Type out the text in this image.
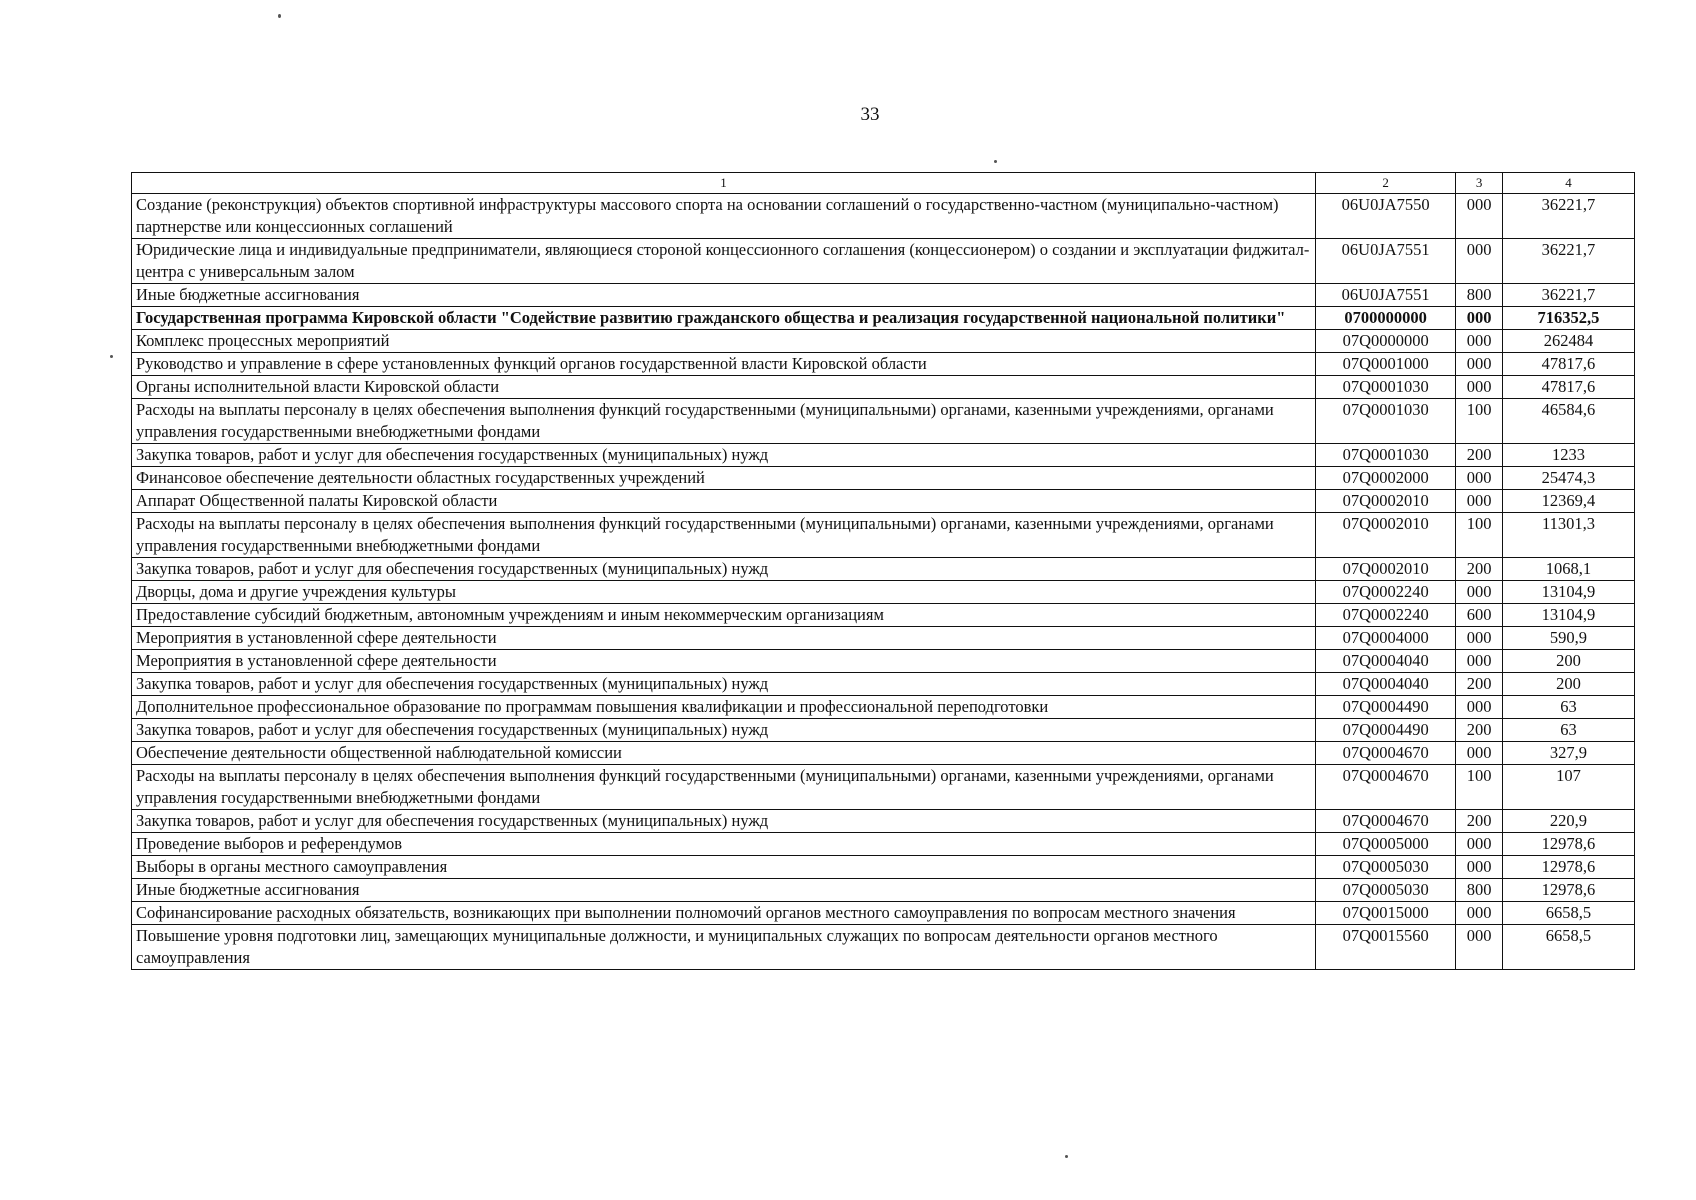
33
1	2	3	4
Создание (реконструкция) объектов спортивной инфраструктуры массового спорта на основании соглашений о государственно-частном (муниципально-частном) партнерстве или концессионных соглашений	06U0JA7550	000	36221,7
Юридические лица и индивидуальные предприниматели, являющиеся стороной концессионного соглашения (концессионером) о создании и эксплуатации фиджитал-центра с универсальным залом	06U0JA7551	000	36221,7
Иные бюджетные ассигнования	06U0JA7551	800	36221,7
Государственная программа Кировской области "Содействие развитию гражданского общества и реализация государственной национальной политики"	0700000000	000	716352,5
Комплекс процессных мероприятий	07Q0000000	000	262484
Руководство и управление в сфере установленных функций органов государственной власти Кировской области	07Q0001000	000	47817,6
Органы исполнительной власти Кировской области	07Q0001030	000	47817,6
Расходы на выплаты персоналу в целях обеспечения выполнения функций государственными (муниципальными) органами, казенными учреждениями, органами управления государственными внебюджетными фондами	07Q0001030	100	46584,6
Закупка товаров, работ и услуг для обеспечения государственных (муниципальных) нужд	07Q0001030	200	1233
Финансовое обеспечение деятельности областных государственных учреждений	07Q0002000	000	25474,3
Аппарат Общественной палаты Кировской области	07Q0002010	000	12369,4
Расходы на выплаты персоналу в целях обеспечения выполнения функций государственными (муниципальными) органами, казенными учреждениями, органами управления государственными внебюджетными фондами	07Q0002010	100	11301,3
Закупка товаров, работ и услуг для обеспечения государственных (муниципальных) нужд	07Q0002010	200	1068,1
Дворцы, дома и другие учреждения культуры	07Q0002240	000	13104,9
Предоставление субсидий бюджетным, автономным учреждениям и иным некоммерческим организациям	07Q0002240	600	13104,9
Мероприятия в установленной сфере деятельности	07Q0004000	000	590,9
Мероприятия в установленной сфере деятельности	07Q0004040	000	200
Закупка товаров, работ и услуг для обеспечения государственных (муниципальных) нужд	07Q0004040	200	200
Дополнительное профессиональное образование по программам повышения квалификации и профессиональной переподготовки	07Q0004490	000	63
Закупка товаров, работ и услуг для обеспечения государственных (муниципальных) нужд	07Q0004490	200	63
Обеспечение деятельности общественной наблюдательной комиссии	07Q0004670	000	327,9
Расходы на выплаты персоналу в целях обеспечения выполнения функций государственными (муниципальными) органами, казенными учреждениями, органами управления государственными внебюджетными фондами	07Q0004670	100	107
Закупка товаров, работ и услуг для обеспечения государственных (муниципальных) нужд	07Q0004670	200	220,9
Проведение выборов и референдумов	07Q0005000	000	12978,6
Выборы в органы местного самоуправления	07Q0005030	000	12978,6
Иные бюджетные ассигнования	07Q0005030	800	12978,6
Софинансирование расходных обязательств, возникающих при выполнении полномочий органов местного самоуправления по вопросам местного значения	07Q0015000	000	6658,5
Повышение уровня подготовки лиц, замещающих муниципальные должности, и муниципальных служащих по вопросам деятельности органов местного самоуправления	07Q0015560	000	6658,5
